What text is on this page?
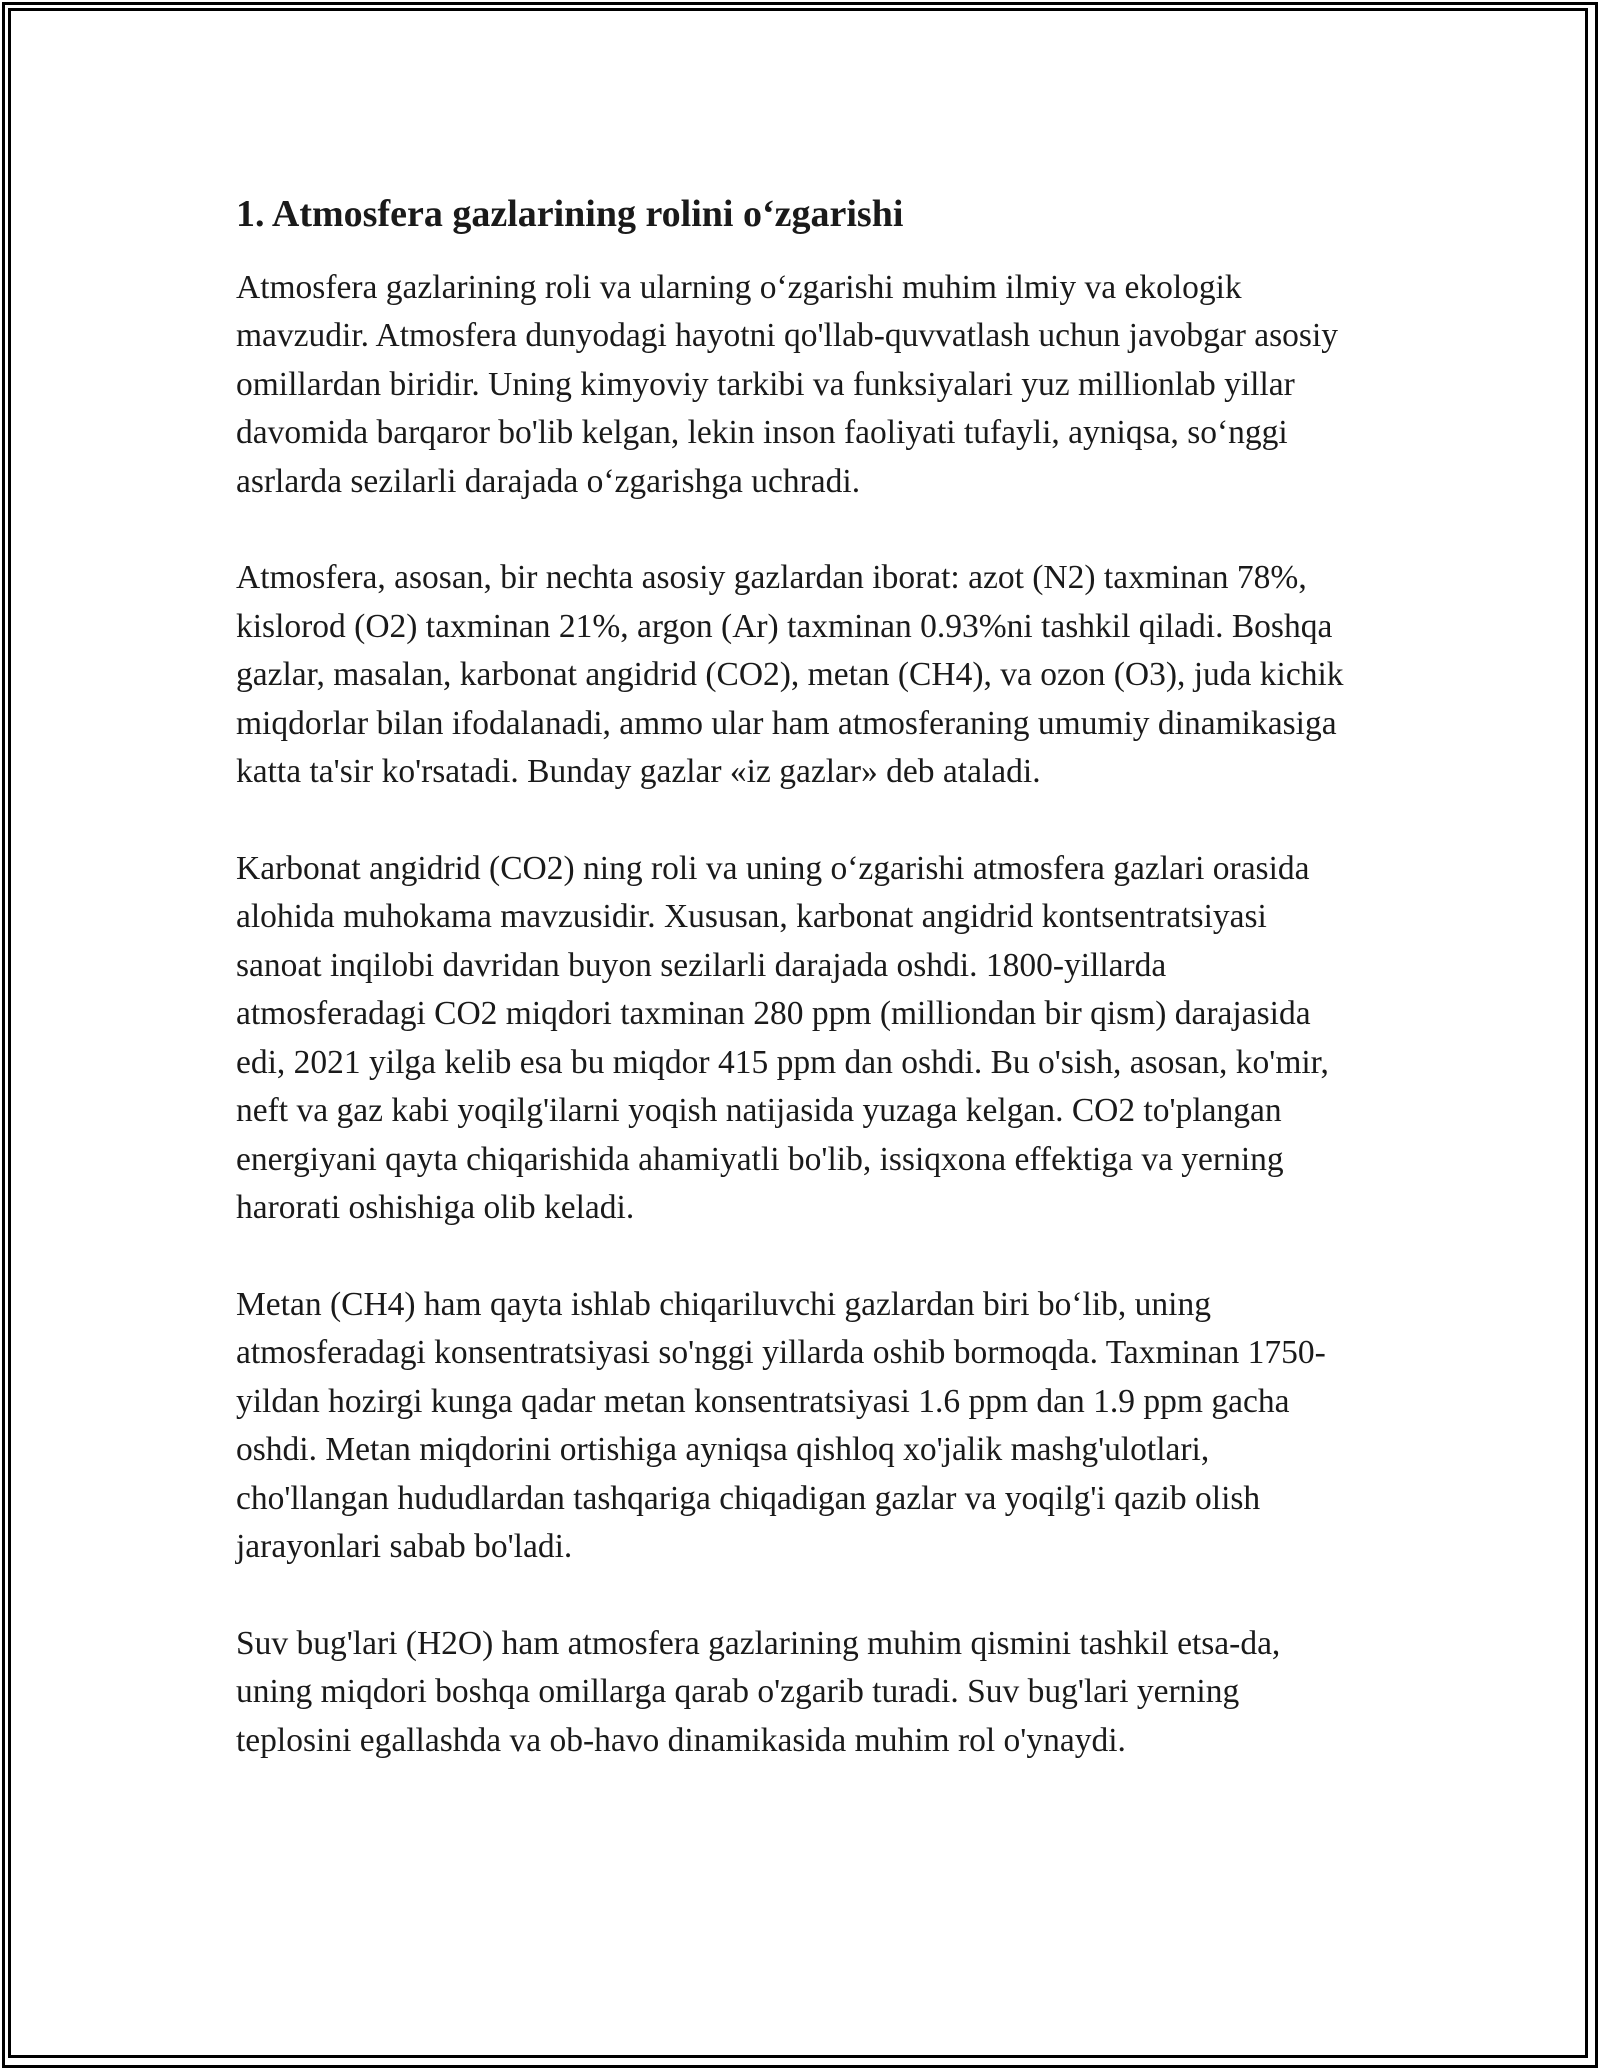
1. Atmosfera gazlarining rolini o‘zgarishi

Atmosfera gazlarining roli va ularning o‘zgarishi muhim ilmiy va ekologik mavzudir. Atmosfera dunyodagi hayotni qo'llab-quvvatlash uchun javobgar asosiy omillardan biridir. Uning kimyoviy tarkibi va funksiyalari yuz millionlab yillar davomida barqaror bo'lib kelgan, lekin inson faoliyati tufayli, ayniqsa, so‘nggi asrlarda sezilarli darajada o‘zgarishga uchradi.

Atmosfera, asosan, bir nechta asosiy gazlardan iborat: azot (N2) taxminan 78%, kislorod (O2) taxminan 21%, argon (Ar) taxminan 0.93%ni tashkil qiladi. Boshqa gazlar, masalan, karbonat angidrid (CO2), metan (CH4), va ozon (O3), juda kichik miqdorlar bilan ifodalanadi, ammo ular ham atmosferaning umumiy dinamikasiga katta ta'sir ko'rsatadi. Bunday gazlar «iz gazlar» deb ataladi.

Karbonat angidrid (CO2) ning roli va uning o‘zgarishi atmosfera gazlari orasida alohida muhokama mavzusidir. Xususan, karbonat angidrid kontsentratsiyasi sanoat inqilobi davridan buyon sezilarli darajada oshdi. 1800-yillarda atmosferadagi CO2 miqdori taxminan 280 ppm (milliondan bir qism) darajasida edi, 2021 yilga kelib esa bu miqdor 415 ppm dan oshdi. Bu o'sish, asosan, ko'mir, neft va gaz kabi yoqilg'ilarni yoqish natijasida yuzaga kelgan. CO2 to'plangan energiyani qayta chiqarishida ahamiyatli bo'lib, issiqxona effektiga va yerning harorati oshishiga olib keladi.

Metan (CH4) ham qayta ishlab chiqariluvchi gazlardan biri bo‘lib, uning atmosferadagi konsentratsiyasi so'nggi yillarda oshib bormoqda. Taxminan 1750-yildan hozirgi kunga qadar metan konsentratsiyasi 1.6 ppm dan 1.9 ppm gacha oshdi. Metan miqdorini ortishiga ayniqsa qishloq xo'jalik mashg'ulotlari, cho'llangan hududlardan tashqariga chiqadigan gazlar va yoqilg'i qazib olish jarayonlari sabab bo'ladi.

Suv bug'lari (H2O) ham atmosfera gazlarining muhim qismini tashkil etsa-da, uning miqdori boshqa omillarga qarab o'zgarib turadi. Suv bug'lari yerning teplosini egallashda va ob-havo dinamikasida muhim rol o'ynaydi.
